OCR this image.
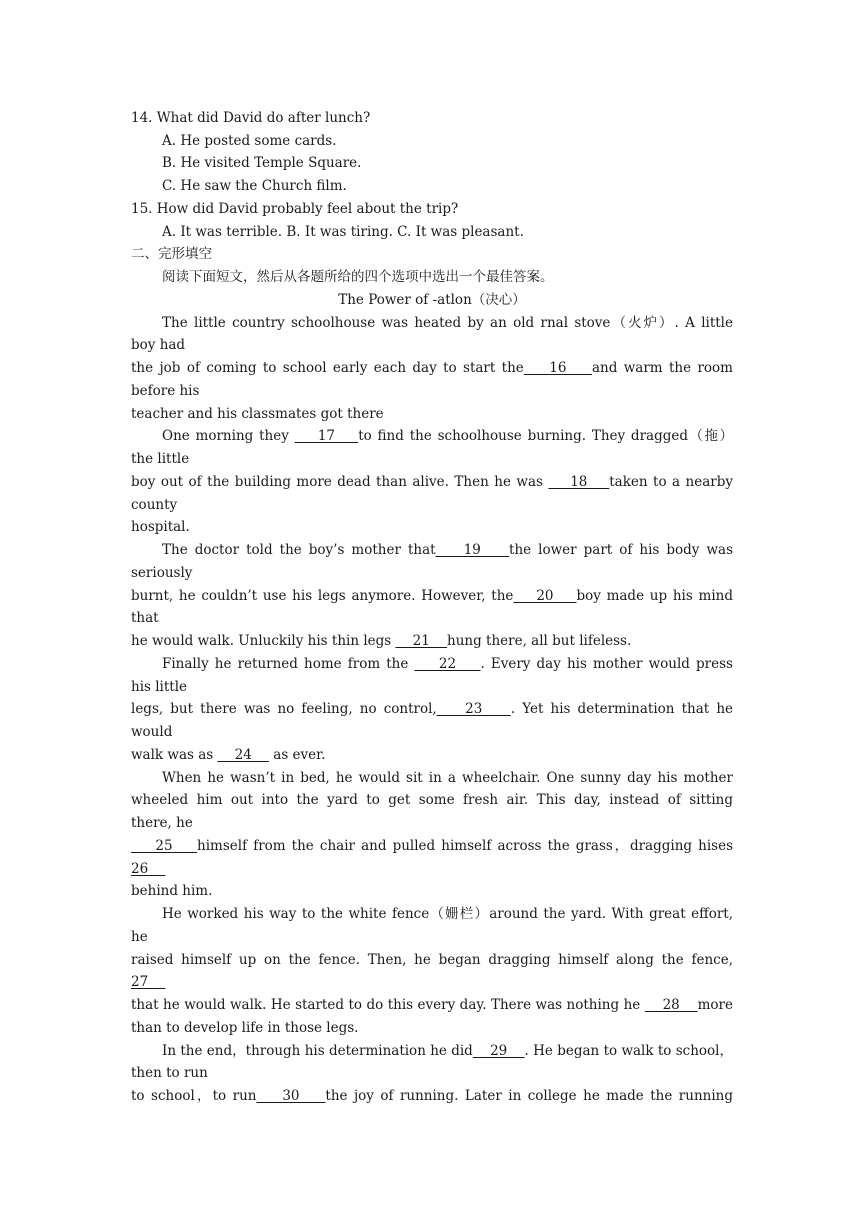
14. What did David do after lunch?
A. He posted some cards.
B. He visited Temple Square.
C. He saw the Church film.
15. How did David probably feel about the trip?
A. It was terrible. B. It was tiring. C. It was pleasant.
二、完形填空
阅读下面短文，然后从各题所给的四个选项中选出一个最佳答案。
The Power of -atlon（决心）
The little country schoolhouse was heated by an old rnal stove（火炉）. A little
boy had
the job of coming to school early each day to start the    16    and warm the room
before his
teacher and his classmates got there
One morning they     17    to find the schoolhouse burning. They dragged（拖）
the little
boy out of the building more dead than alive. Then he was     18    taken to a nearby
county
hospital.
The doctor told the boy’s mother that    19    the lower part of his body was
seriously
burnt, he couldn’t use his legs anymore. However, the    20    boy made up his mind
that
he would walk. Unluckily his thin legs     21    hung there, all but lifeless.
Finally he returned home from the     22    . Every day his mother would press
his little
legs, but there was no feeling, no control,    23    . Yet his determination that he
would
walk was as     24     as ever.
When he wasn’t in bed, he would sit in a wheelchair. One sunny day his mother
wheeled him out into the yard to get some fresh air. This day, instead of sitting
there, he
25    himself from the chair and pulled himself across the grass，dragging hises
26
behind him.
He worked his way to the white fence（姗栏）around the yard. With great effort,
he
raised himself up on the fence. Then, he began dragging himself along the fence,
27
that he would walk. He started to do this every day. There was nothing he     28    more
than to develop life in those legs.
In the end，through his determination he did    29    . He began to walk to school，
then to run
to school，to run    30    the joy of running. Later in college he made the running
